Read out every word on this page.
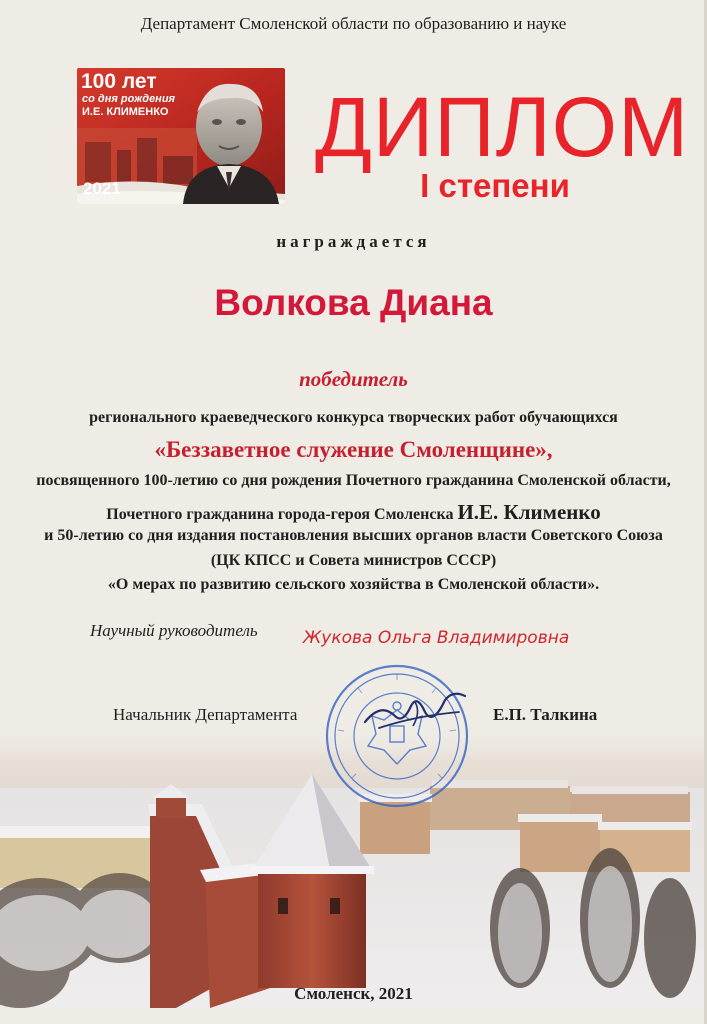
Департамент Смоленской области по образованию и науке
100 лет
со дня рождения
И.Е. КЛИМЕНКО
2021
ДИПЛОМ
I степени
награждается
Волкова Диана
победитель
регионального краеведческого конкурса творческих работ обучающихся
«Беззаветное служение Смоленщине»,
посвященного 100-летию со дня рождения Почетного гражданина Смоленской области,
Почетного гражданина города-героя Смоленска И.Е. Клименко
и 50-летию со дня издания постановления высших органов власти Советского Союза
(ЦК КПСС и Совета министров СССР)
«О мерах по развитию сельского хозяйства в Смоленской области».
Научный руководитель	Жукова Ольга Владимировна
Начальник Департамента	Е.П. Талкина
Смоленск, 2021
